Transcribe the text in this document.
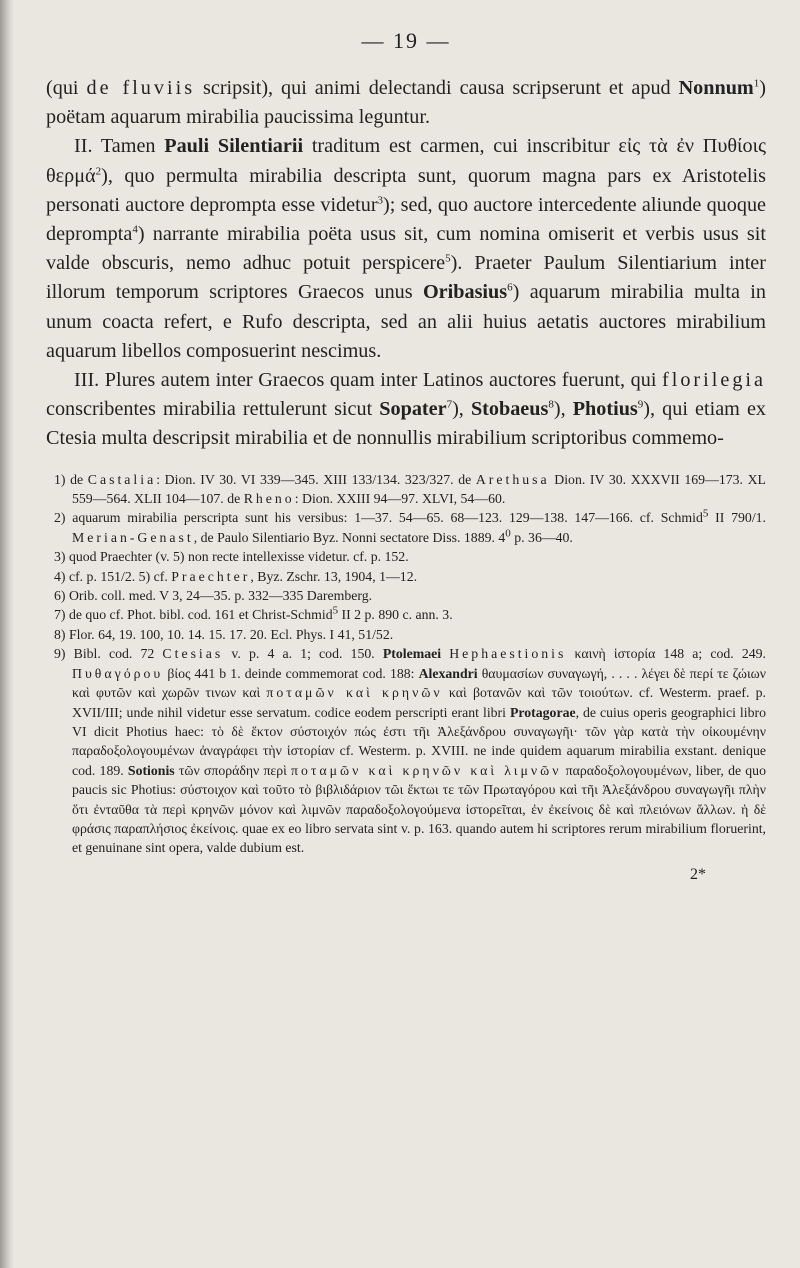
— 19 —

(qui de fluviis scripsit), qui animi delectandi causa scripserunt et apud Nonnum$^1$) poëtam aquarum mirabilia paucissima leguntur.

II. Tamen Pauli Silentiarii traditum est carmen, cui inscribitur εἰς τὰ ἐν Πυθίοις θερμά$^2$), quo permulta mirabilia descripta sunt, quorum magna pars ex Aristotelis personati auctore deprompta esse videtur$^3$); sed, quo auctore intercedente aliunde quoque deprompta$^4$) narrante mirabilia poëta usus sit, cum nomina omiserit et verbis usus sit valde obscuris, nemo adhuc potuit perspicere$^5$). Praeter Paulum Silentiarium inter illorum temporum scriptores Graecos unus Oribasius$^6$) aquarum mirabilia multa in unum coacta refert, e Rufo descripta, sed an alii huius aetatis auctores mirabilium aquarum libellos composuerint nescimus.

III. Plures autem inter Graecos quam inter Latinos auctores fuerunt, qui florilegia conscribentes mirabilia rettulerunt sicut Sopater$^7$), Stobaeus$^8$), Photius$^9$), qui etiam ex Ctesia multa descripsit mirabilia et de nonnullis mirabilium scriptoribus commemo-

1) de Castalia: Dion. IV 30. VI 339—345. XIII 133/134. 323/327. de Arethusa Dion. IV 30. XXXVII 169—173. XL 559—564. XLII 104—107. de Rheno: Dion. XXIII 94—97. XLVI, 54—60.

2) aquarum mirabilia perscripta sunt his versibus: 1—37. 54—65. 68—123. 129—138. 147—166. cf. Schmid$^5$ II 790/1. Merian-Genast, de Paulo Silentiario Byz. Nonni sectatore Diss. 1889. $4^0$ p. 36—40.

3) quod Praechter (v. 5) non recte intellexisse videtur. cf. p. 152.

4) cf. p. 151/2. 5) cf. Praechter, Byz. Zschr. 13, 1904, 1—12.

6) Orib. coll. med. V 3, 24—35. p. 332—335 Daremberg.

7) de quo cf. Phot. bibl. cod. 161 et Christ-Schmid$^5$ II 2 p. 890 c. ann. 3.

8) Flor. 64, 19. 100, 10. 14. 15. 17. 20. Ecl. Phys. I 41, 51/52.

9) Bibl. cod. 72 Ctesias v. p. 4 a. 1; cod. 150. Ptolemaei Hephaestionis καινὴ ἱστορία 148 a; cod. 249. Πυθαγόρου βίος 441 b 1. deinde commemorat cod. 188: Alexandri θαυμασίων συναγωγή, . . . . λέγει δὲ περί τε ζώιων καὶ φυτῶν καὶ χωρῶν τινων καὶ ποταμῶν καὶ κρηνῶν καὶ βοτανῶν καὶ τῶν τοιούτων. cf. Westerm. praef. p. XVII/III; unde nihil videtur esse servatum. codice eodem perscripti erant libri Protagorae, de cuius operis geographici libro VI dicit Photius haec: τὸ δὲ ἕκτον σύστοιχόν πώς ἐστι τῆι Ἀλεξάνδρου συναγωγῆι· τῶν γὰρ κατὰ τὴν οἰκουμένην παραδοξολογουμένων ἀναγράφει τὴν ἱστορίαν cf. Westerm. p. XVIII. ne inde quidem aquarum mirabilia exstant. denique cod. 189. Sotionis τῶν σποράδην περὶ ποταμῶν καὶ κρηνῶν καὶ λιμνῶν παραδοξολογουμένων, liber, de quo paucis sic Photius: σύστοιχον καὶ τοῦτο τὸ βιβλιδάριον τῶι ἕκτωι τε τῶν Πρωταγόρου καὶ τῆι Ἀλεξάνδρου συναγωγῆι πλὴν ὅτι ἐνταῦθα τὰ περὶ κρηνῶν μόνον καὶ λιμνῶν παραδοξολογούμενα ἱστορεῖται, ἐν ἐκείνοις δὲ καὶ πλειόνων ἄλλων. ἡ δὲ φράσις παραπλήσιος ἐκείνοις. quae ex eo libro servata sint v. p. 163. quando autem hi scriptores rerum mirabilium floruerint, et genuinane sint opera, valde dubium est.

2*
